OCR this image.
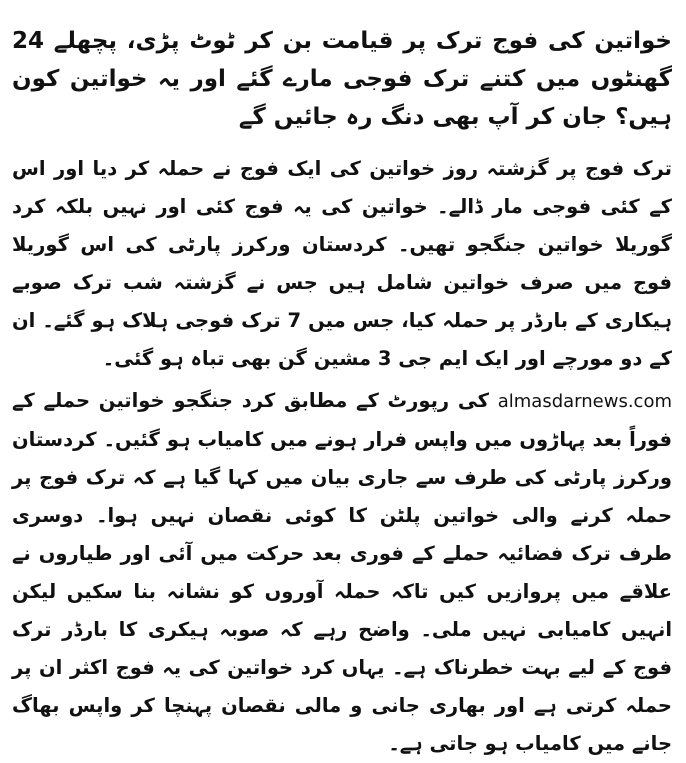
خواتین کی فوج ترک پر قیامت بن کر ٹوٹ پڑی، پچھلے 24 گھنٹوں میں کتنے ترک فوجی مارے گئے اور یہ خواتین کون ہیں؟ جان کر آپ بھی دنگ رہ جائیں گے

ترک فوج پر گزشتہ روز خواتین کی ایک فوج نے حملہ کر دیا اور اس کے کئی فوجی مار ڈالے۔ خواتین کی یہ فوج کئی اور نہیں بلکہ کرد گوریلا خواتین جنگجو تھیں۔ کردستان ورکرز پارٹی کی اس گوریلا فوج میں صرف خواتین شامل ہیں جس نے گزشتہ شب ترک صوبے ہیکاری کے بارڈر پر حملہ کیا، جس میں 7 ترک فوجی ہلاک ہو گئے۔ ان کے دو مورچے اور ایک ایم جی 3 مشین گن بھی تباہ ہو گئی۔

almasdarnews.com کی رپورٹ کے مطابق کرد جنگجو خواتین حملے کے فوراً بعد پہاڑوں میں واپس فرار ہونے میں کامیاب ہو گئیں۔ کردستان ورکرز پارٹی کی طرف سے جاری بیان میں کہا گیا ہے کہ ترک فوج پر حملہ کرنے والی خواتین پلٹن کا کوئی نقصان نہیں ہوا۔ دوسری طرف ترک فضائیہ حملے کے فوری بعد حرکت میں آئی اور طیاروں نے علاقے میں پروازیں کیں تاکہ حملہ آوروں کو نشانہ بنا سکیں لیکن انہیں کامیابی نہیں ملی۔ واضح رہے کہ صوبہ ہیکری کا بارڈر ترک فوج کے لیے بہت خطرناک ہے۔ یہاں کرد خواتین کی یہ فوج اکثر ان پر حملہ کرتی ہے اور بھاری جانی و مالی نقصان پہنچا کر واپس بھاگ جانے میں کامیاب ہو جاتی ہے۔
